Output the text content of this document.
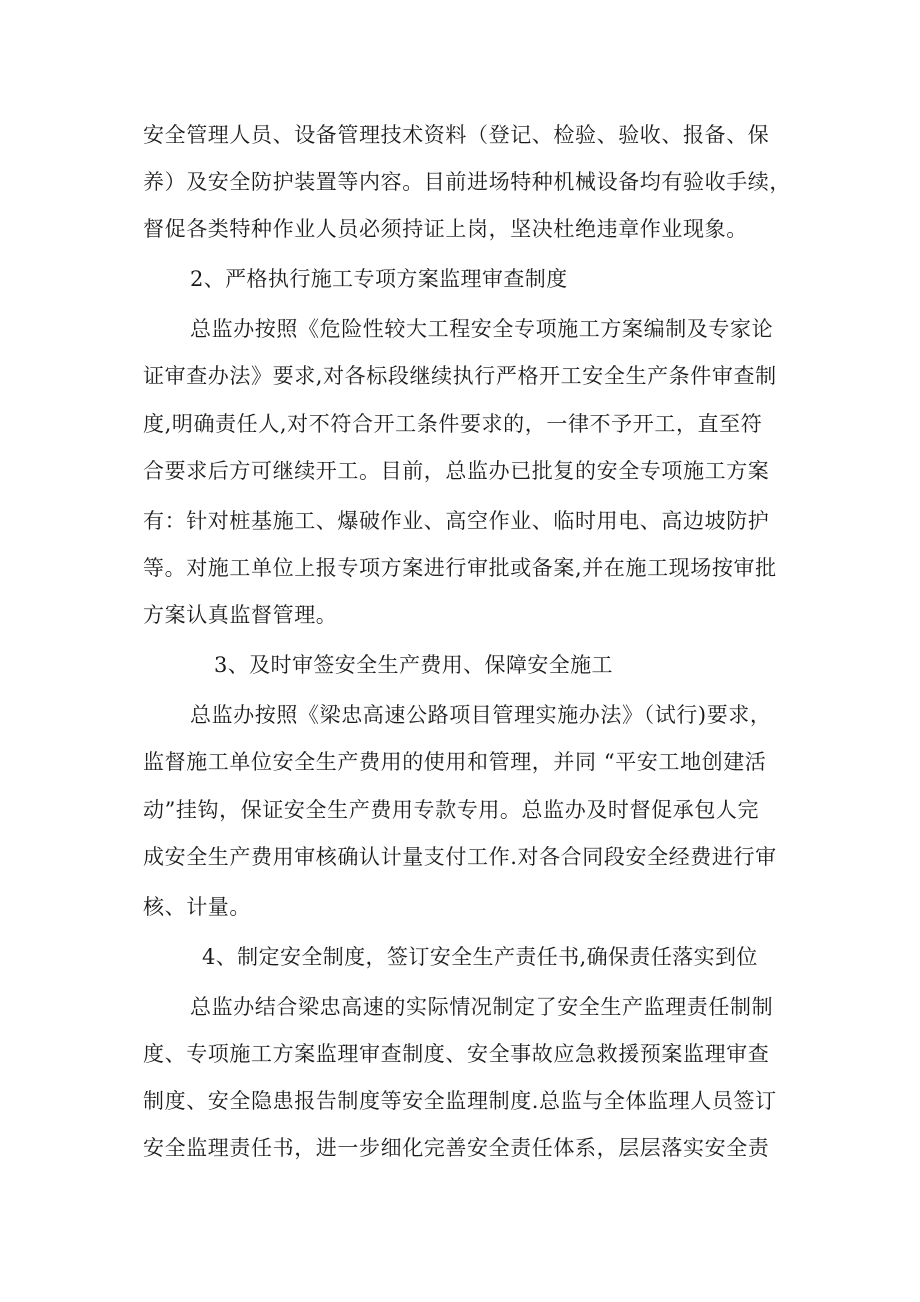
安全管理人员、设备管理技术资料（登记、检验、验收、报备、保
养）及安全防护装置等内容。目前进场特种机械设备均有验收手续，
督促各类特种作业人员必须持证上岗，坚决杜绝违章作业现象。
2、严格执行施工专项方案监理审查制度
总监办按照《危险性较大工程安全专项施工方案编制及专家论
证审查办法》要求,对各标段继续执行严格开工安全生产条件审查制
度,明确责任人,对不符合开工条件要求的，一律不予开工，直至符
合要求后方可继续开工。目前，总监办已批复的安全专项施工方案
有：针对桩基施工、爆破作业、高空作业、临时用电、高边坡防护
等。对施工单位上报专项方案进行审批或备案,并在施工现场按审批
方案认真监督管理。
3、及时审签安全生产费用、保障安全施工
总监办按照《梁忠高速公路项目管理实施办法》（试行)要求，
监督施工单位安全生产费用的使用和管理，并同 “平安工地创建活
动”挂钩，保证安全生产费用专款专用。总监办及时督促承包人完
成安全生产费用审核确认计量支付工作.对各合同段安全经费进行审
核、计量。
4、制定安全制度，签订安全生产责任书,确保责任落实到位
总监办结合梁忠高速的实际情况制定了安全生产监理责任制制
度、专项施工方案监理审查制度、安全事故应急救援预案监理审查
制度、安全隐患报告制度等安全监理制度.总监与全体监理人员签订
安全监理责任书，进一步细化完善安全责任体系，层层落实安全责
